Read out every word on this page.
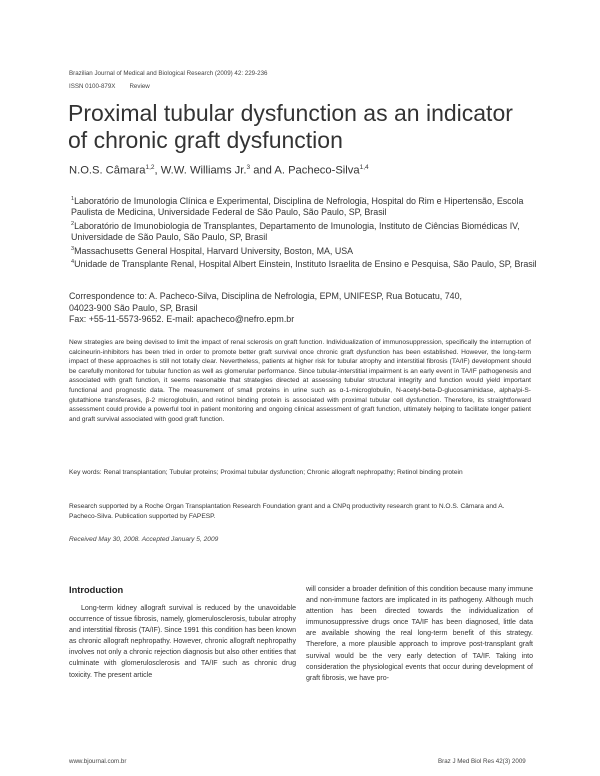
Brazilian Journal of Medical and Biological Research (2009) 42: 229-236
ISSN 0100-879X Review
Proximal tubular dysfunction as an indicator of chronic graft dysfunction
N.O.S. Câmara$^{1,2}$, W.W. Williams Jr.$^3$ and A. Pacheco-Silva$^{1,4}$

$^1$Laboratório de Imunologia Clínica e Experimental, Disciplina de Nefrologia, Hospital do Rim e Hipertensão, Escola Paulista de Medicina, Universidade Federal de São Paulo, São Paulo, SP, Brasil

$^2$Laboratório de Imunobiologia de Transplantes, Departamento de Imunologia, Instituto de Ciências Biomédicas IV, Universidade de São Paulo, São Paulo, SP, Brasil

$^3$Massachusetts General Hospital, Harvard University, Boston, MA, USA

$^4$Unidade de Transplante Renal, Hospital Albert Einstein, Instituto Israelita de Ensino e Pesquisa, São Paulo, SP, Brasil

Correspondence to: A. Pacheco-Silva, Disciplina de Nefrologia, EPM, UNIFESP, Rua Botucatu, 740,

04023-900 São Paulo, SP, Brasil

Fax: +55-11-5573-9652. E-mail: apacheco@nefro.epm.br

New strategies are being devised to limit the impact of renal sclerosis on graft function. Individualization of immunosuppression, specifically the interruption of calcineurin-inhibitors has been tried in order to promote better graft survival once chronic graft dysfunction has been established. However, the long-term impact of these approaches is still not totally clear. Nevertheless, patients at higher risk for tubular atrophy and interstitial fibrosis (TA/IF) development should be carefully monitored for tubular function as well as glomerular performance. Since tubular-interstitial impairment is an early event in TA/IF pathogenesis and associated with graft function, it seems reasonable that strategies directed at assessing tubular structural integrity and function would yield important functional and prognostic data. The measurement of small proteins in urine such as α-1-microglobulin, N-acetyl-beta-D-glucosaminidase, alpha/pi-S-glutathione transferases, β-2 microglobulin, and retinol binding protein is associated with proximal tubular cell dysfunction. Therefore, its straightforward assessment could provide a powerful tool in patient monitoring and ongoing clinical assessment of graft function, ultimately helping to facilitate longer patient and graft survival associated with good graft function.

Key words: Renal transplantation; Tubular proteins; Proximal tubular dysfunction; Chronic allograft nephropathy; Retinol binding protein

Research supported by a Roche Organ Transplantation Research Foundation grant and a CNPq productivity research grant to N.O.S. Câmara and A. Pacheco-Silva. Publication supported by FAPESP.

Received May 30, 2008. Accepted January 5, 2009
Introduction

Long-term kidney allograft survival is reduced by the unavoidable occurrence of tissue fibrosis, namely, glomerulosclerosis, tubular atrophy and interstitial fibrosis (TA/IF). Since 1991 this condition has been known as chronic allograft nephropathy. However, chronic allograft nephropathy involves not only a chronic rejection diagnosis but also other entities that culminate with glomerulosclerosis and TA/IF such as chronic drug toxicity. The present article

will consider a broader definition of this condition because many immune and non-immune factors are implicated in its pathogeny. Although much attention has been directed towards the individualization of immunosuppressive drugs once TA/IF has been diagnosed, little data are available showing the real long-term benefit of this strategy. Therefore, a more plausible approach to improve post-transplant graft survival would be the very early detection of TA/IF. Taking into consideration the physiological events that occur during development of graft fibrosis, we have pro-

www.bjournal.com.br	Braz J Med Biol Res 42(3) 2009
